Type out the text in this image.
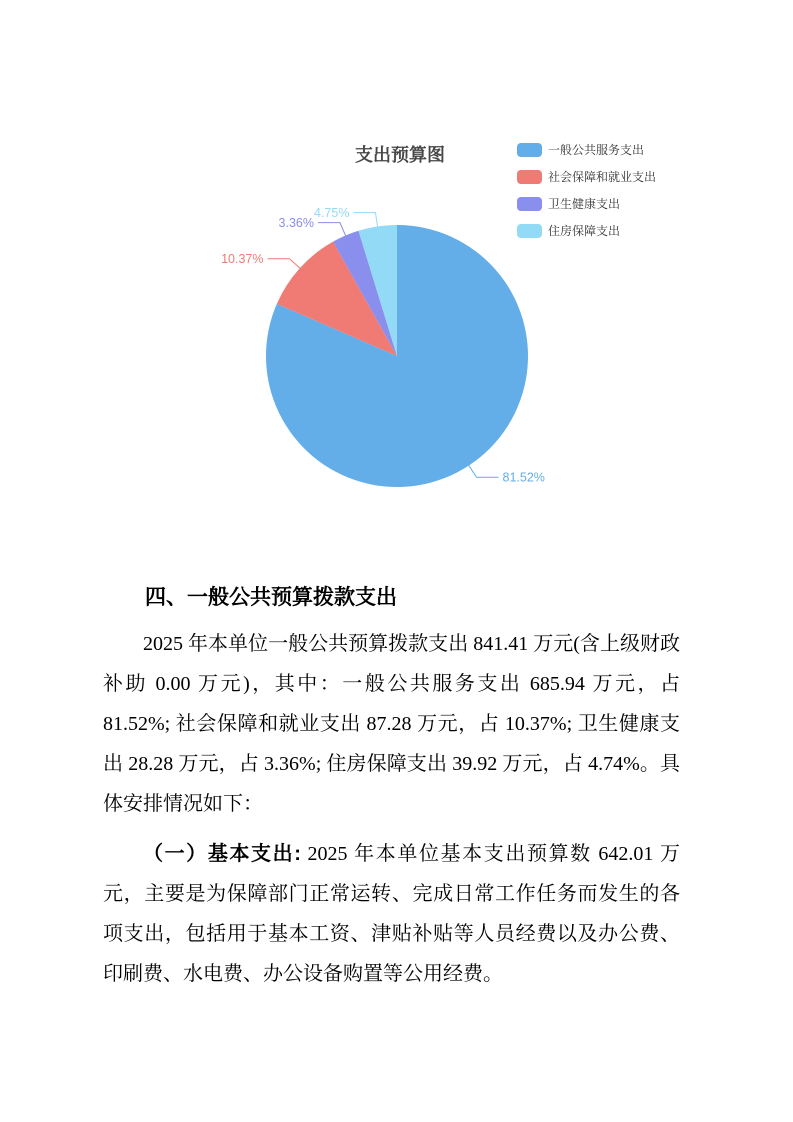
支出预算图	一般公共服务支出
社会保障和就业支出
卫生健康支出
住房保障支出
81.52%
10.37%
3.36%
4.75%
四、一般公共预算拨款支出

2025 年本单位一般公共预算拨款支出 841.41 万元(含上级财政补助 0.00 万元)，其中：一般公共服务支出 685.94 万元，占 81.52%; 社会保障和就业支出 87.28 万元，占 10.37%; 卫生健康支出 28.28 万元，占 3.36%; 住房保障支出 39.92 万元，占 4.74%。具体安排情况如下：

（一）基本支出: 2025 年本单位基本支出预算数 642.01 万元，主要是为保障部门正常运转、完成日常工作任务而发生的各项支出，包括用于基本工资、津贴补贴等人员经费以及办公费、印刷费、水电费、办公设备购置等公用经费。
